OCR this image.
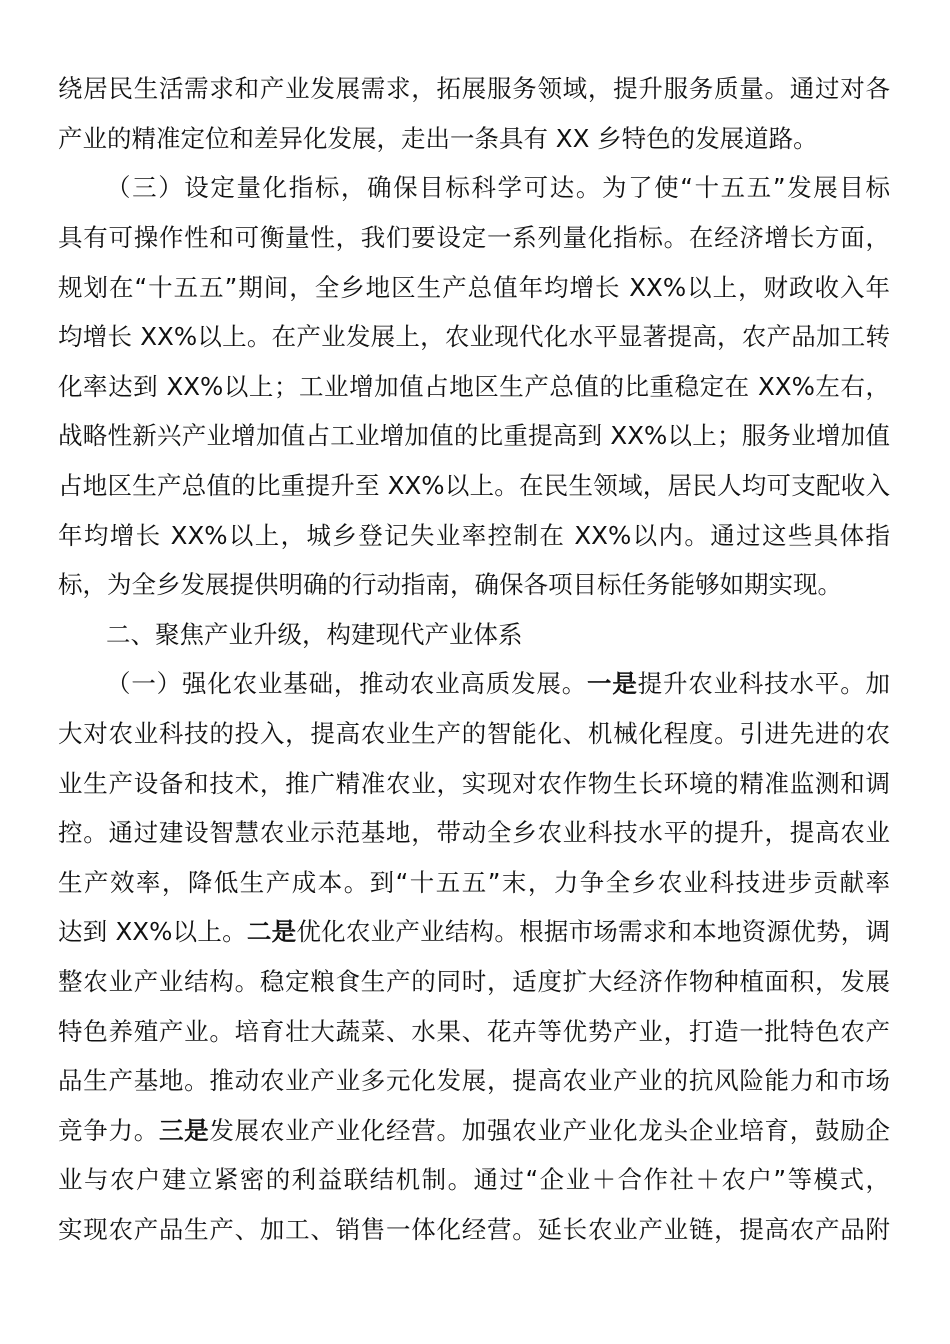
绕居民生活需求和产业发展需求，拓展服务领域，提升服务质量。通过对各
产业的精准定位和差异化发展，走出一条具有 XX 乡特色的发展道路。
（三）设定量化指标，确保目标科学可达。为了使“十五五”发展目标
具有可操作性和可衡量性，我们要设定一系列量化指标。在经济增长方面，
规划在“十五五”期间，全乡地区生产总值年均增长 XX%以上，财政收入年
均增长 XX%以上。在产业发展上，农业现代化水平显著提高，农产品加工转
化率达到 XX%以上；工业增加值占地区生产总值的比重稳定在 XX%左右，
战略性新兴产业增加值占工业增加值的比重提高到 XX%以上；服务业增加值
占地区生产总值的比重提升至 XX%以上。在民生领域，居民人均可支配收入
年均增长 XX%以上，城乡登记失业率控制在 XX%以内。通过这些具体指
标，为全乡发展提供明确的行动指南，确保各项目标任务能够如期实现。
二、聚焦产业升级，构建现代产业体系
（一）强化农业基础，推动农业高质发展。一是提升农业科技水平。加
大对农业科技的投入，提高农业生产的智能化、机械化程度。引进先进的农
业生产设备和技术，推广精准农业，实现对农作物生长环境的精准监测和调
控。通过建设智慧农业示范基地，带动全乡农业科技水平的提升，提高农业
生产效率，降低生产成本。到“十五五”末，力争全乡农业科技进步贡献率
达到 XX%以上。二是优化农业产业结构。根据市场需求和本地资源优势，调
整农业产业结构。稳定粮食生产的同时，适度扩大经济作物种植面积，发展
特色养殖产业。培育壮大蔬菜、水果、花卉等优势产业，打造一批特色农产
品生产基地。推动农业产业多元化发展，提高农业产业的抗风险能力和市场
竞争力。三是发展农业产业化经营。加强农业产业化龙头企业培育，鼓励企
业与农户建立紧密的利益联结机制。通过“企业＋合作社＋农户”等模式，
实现农产品生产、加工、销售一体化经营。延长农业产业链，提高农产品附
